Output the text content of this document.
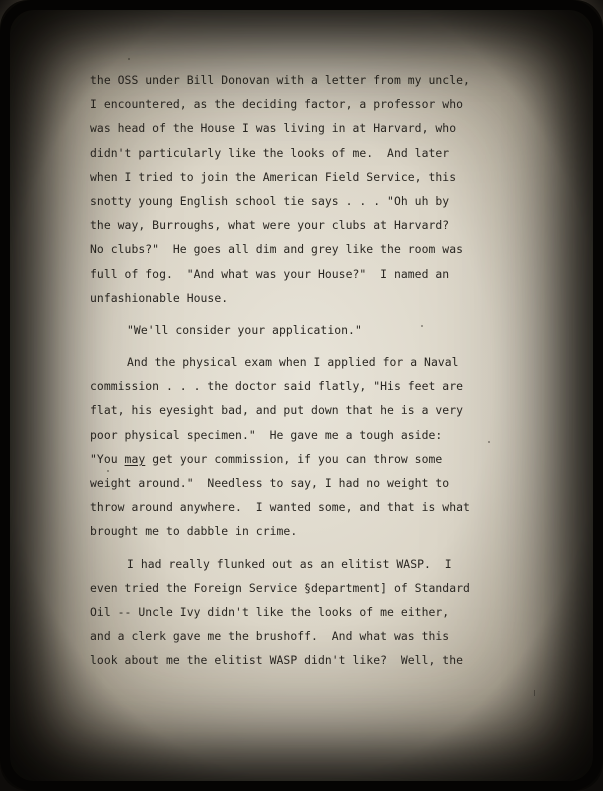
the OSS under Bill Donovan with a letter from my uncle,
I encountered, as the deciding factor, a professor who
was head of the House I was living in at Harvard, who
didn't particularly like the looks of me.  And later
when I tried to join the American Field Service, this
snotty young English school tie says . . . "Oh uh by
the way, Burroughs, what were your clubs at Harvard?
No clubs?"  He goes all dim and grey like the room was
full of fog.  "And what was your House?"  I named an
unfashionable House.
"We'll consider your application."
And the physical exam when I applied for a Naval
commission . . . the doctor said flatly, "His feet are
flat, his eyesight bad, and put down that he is a very
poor physical specimen."  He gave me a tough aside:
"You may get your commission, if you can throw some
weight around."  Needless to say, I had no weight to
throw around anywhere.  I wanted some, and that is what
brought me to dabble in crime.
I had really flunked out as an elitist WASP.  I
even tried the Foreign Service §department] of Standard
Oil -- Uncle Ivy didn't like the looks of me either,
and a clerk gave me the brushoff.  And what was this
look about me the elitist WASP didn't like?  Well, the
